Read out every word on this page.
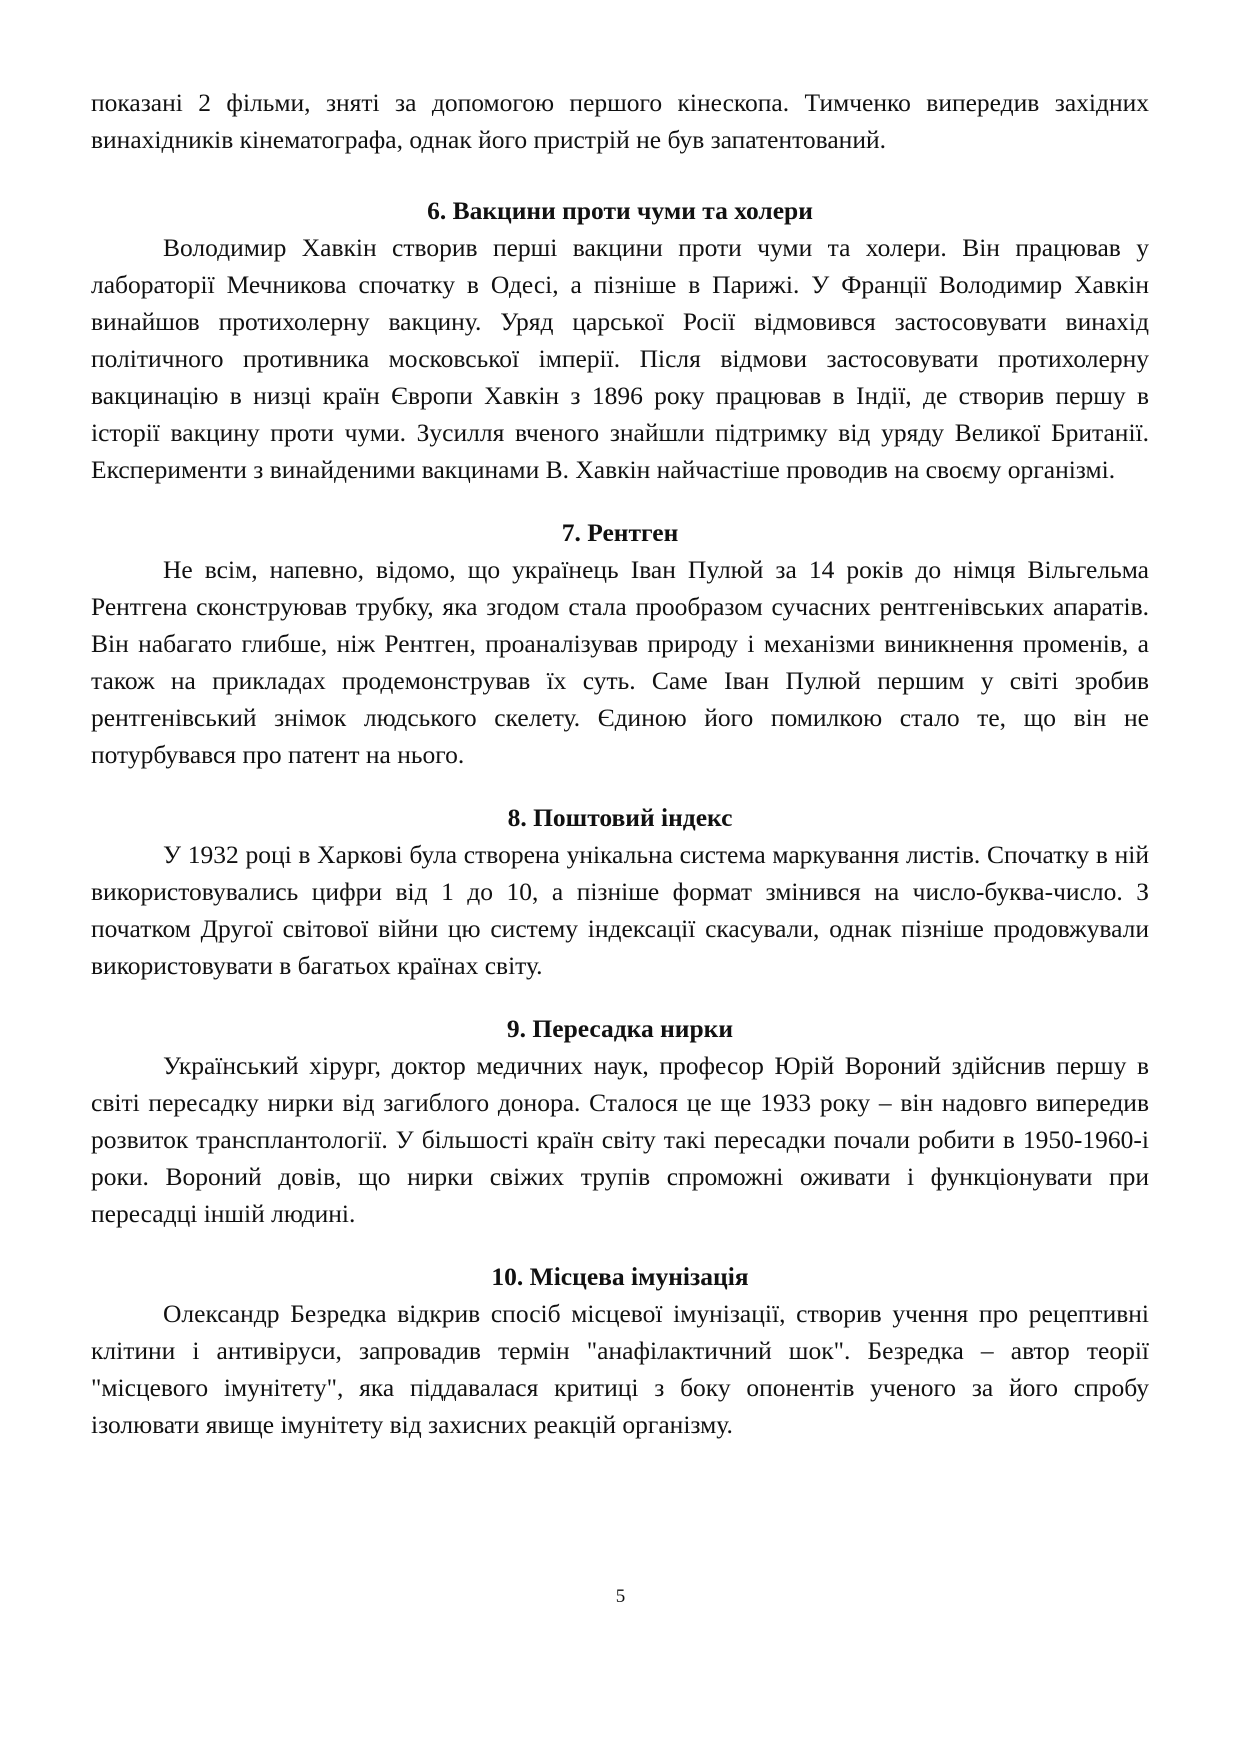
показані 2 фільми, зняті за допомогою першого кінескопа. Тимченко випередив західних винахідників кінематографа, однак його пристрій не був запатентований.

6. Вакцини проти чуми та холери

Володимир Хавкін створив перші вакцини проти чуми та холери. Він працював у лабораторії Мечникова спочатку в Одесі, а пізніше в Парижі. У Франції Володимир Хавкін винайшов протихолерну вакцину. Уряд царської Росії відмовився застосовувати винахід політичного противника московської імперії. Після відмови застосовувати протихолерну вакцинацію в низці країн Європи Хавкін з 1896 року працював в Індії, де створив першу в історії вакцину проти чуми. Зусилля вченого знайшли підтримку від уряду Великої Британії. Експерименти з винайденими вакцинами В. Хавкін найчастіше проводив на своєму організмі.

7. Рентген

Не всім, напевно, відомо, що українець Іван Пулюй за 14 років до німця Вільгельма Рентгена сконструював трубку, яка згодом стала прообразом сучасних рентгенівських апаратів. Він набагато глибше, ніж Рентген, проаналізував природу і механізми виникнення променів, а також на прикладах продемонстрував їх суть. Саме Іван Пулюй першим у світі зробив рентгенівський знімок людського скелету. Єдиною його помилкою стало те, що він не потурбувався про патент на нього.

8. Поштовий індекс

У 1932 році в Харкові була створена унікальна система маркування листів. Спочатку в ній використовувались цифри від 1 до 10, а пізніше формат змінився на число-буква-число. З початком Другої світової війни цю систему індексації скасували, однак пізніше продовжували використовувати в багатьох країнах світу.

9. Пересадка нирки

Український хірург, доктор медичних наук, професор Юрій Вороний здійснив першу в світі пересадку нирки від загиблого донора. Сталося це ще 1933 року – він надовго випередив розвиток трансплантології. У більшості країн світу такі пересадки почали робити в 1950-1960-і роки. Вороний довів, що нирки свіжих трупів спроможні оживати і функціонувати при пересадці іншій людині.

10. Місцева імунізація

Олександр Безредка відкрив спосіб місцевої імунізації, створив учення про рецептивні клітини і антивіруси, запровадив термін "анафілактичний шок". Безредка – автор теорії "місцевого імунітету", яка піддавалася критиці з боку опонентів ученого за його спробу ізолювати явище імунітету від захисних реакцій організму.

5
